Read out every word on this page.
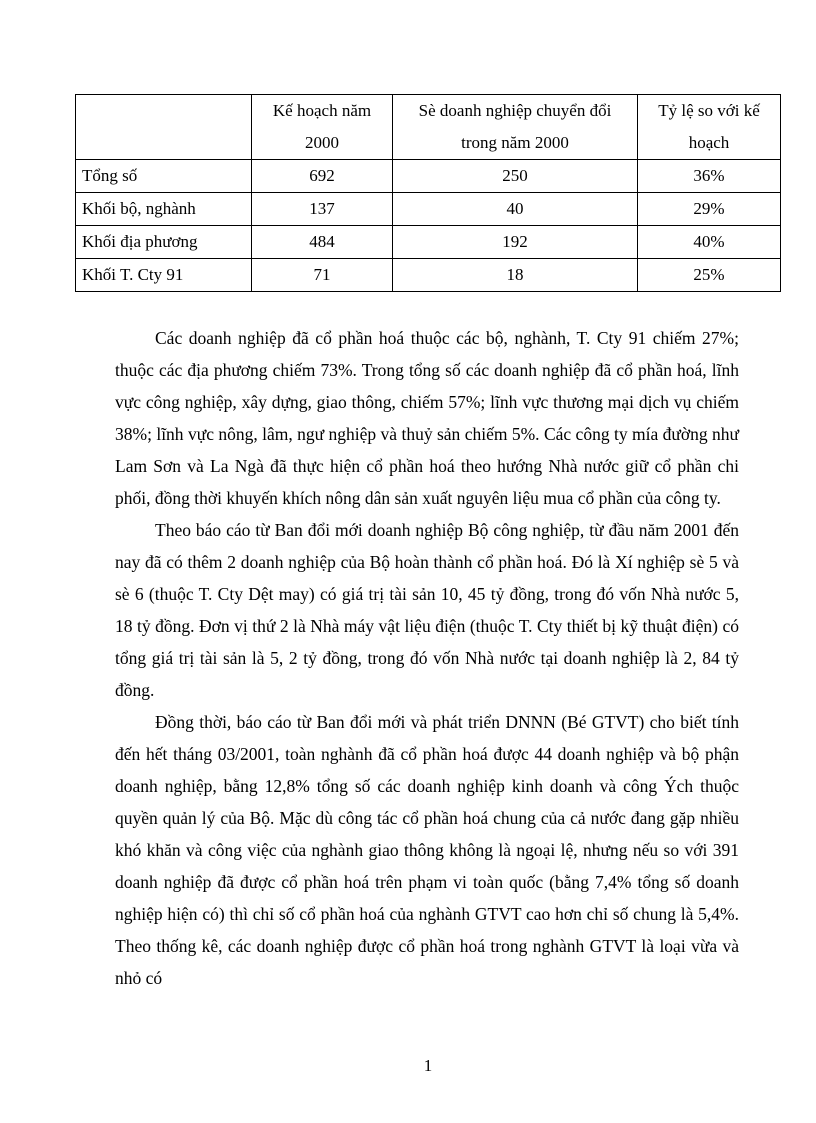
	Kế hoạch năm 2000	Sè doanh nghiệp chuyển đổi trong năm 2000	Tỷ lệ so với kế hoạch
Tổng số	692	250	36%
Khối bộ, nghành	137	40	29%
Khối địa phương	484	192	40%
Khối T. Cty 91	71	18	25%

Các doanh nghiệp đã cổ phần hoá thuộc các bộ, nghành, T. Cty 91 chiếm 27%; thuộc các địa phương chiếm 73%. Trong tổng số các doanh nghiệp đã cổ phần hoá, lĩnh vực công nghiệp, xây dựng, giao thông, chiếm 57%; lĩnh vực thương mại dịch vụ chiếm 38%; lĩnh vực nông, lâm, ngư nghiệp và thuỷ sản chiếm 5%. Các công ty mía đường như Lam Sơn và La Ngà đã thực hiện cổ phần hoá theo hướng Nhà nước giữ cổ phần chi phối, đồng thời khuyến khích nông dân sản xuất nguyên liệu mua cổ phần của công ty.

Theo báo cáo từ Ban đổi mới doanh nghiệp Bộ công nghiệp, từ đầu năm 2001 đến nay đã có thêm 2 doanh nghiệp của Bộ hoàn thành cổ phần hoá. Đó là Xí nghiệp sè 5 và sè 6 (thuộc T. Cty Dệt may) có giá trị tài sản 10, 45 tỷ đồng, trong đó vốn Nhà nước 5, 18 tỷ đồng. Đơn vị thứ 2 là Nhà máy vật liệu điện (thuộc T. Cty thiết bị kỹ thuật điện) có tổng giá trị tài sản là 5, 2 tỷ đồng, trong đó vốn Nhà nước tại doanh nghiệp là 2, 84 tỷ đồng.

Đồng thời, báo cáo từ Ban đổi mới và phát triển DNNN (Bé GTVT) cho biết tính đến hết tháng 03/2001, toàn nghành đã cổ phần hoá được 44 doanh nghiệp và bộ phận doanh nghiệp, bằng 12,8% tổng số các doanh nghiệp kinh doanh và công Ých thuộc quyền quản lý của Bộ. Mặc dù công tác cổ phần hoá chung của cả nước đang gặp nhiều khó khăn và công việc của nghành giao thông không là ngoại lệ, nhưng nếu so với 391 doanh nghiệp đã được cổ phần hoá trên phạm vi toàn quốc (bằng 7,4% tổng số doanh nghiệp hiện có) thì chỉ số cổ phần hoá của nghành GTVT cao hơn chỉ số chung là 5,4%. Theo thống kê, các doanh nghiệp được cổ phần hoá trong nghành GTVT là loại vừa và nhỏ có

1
